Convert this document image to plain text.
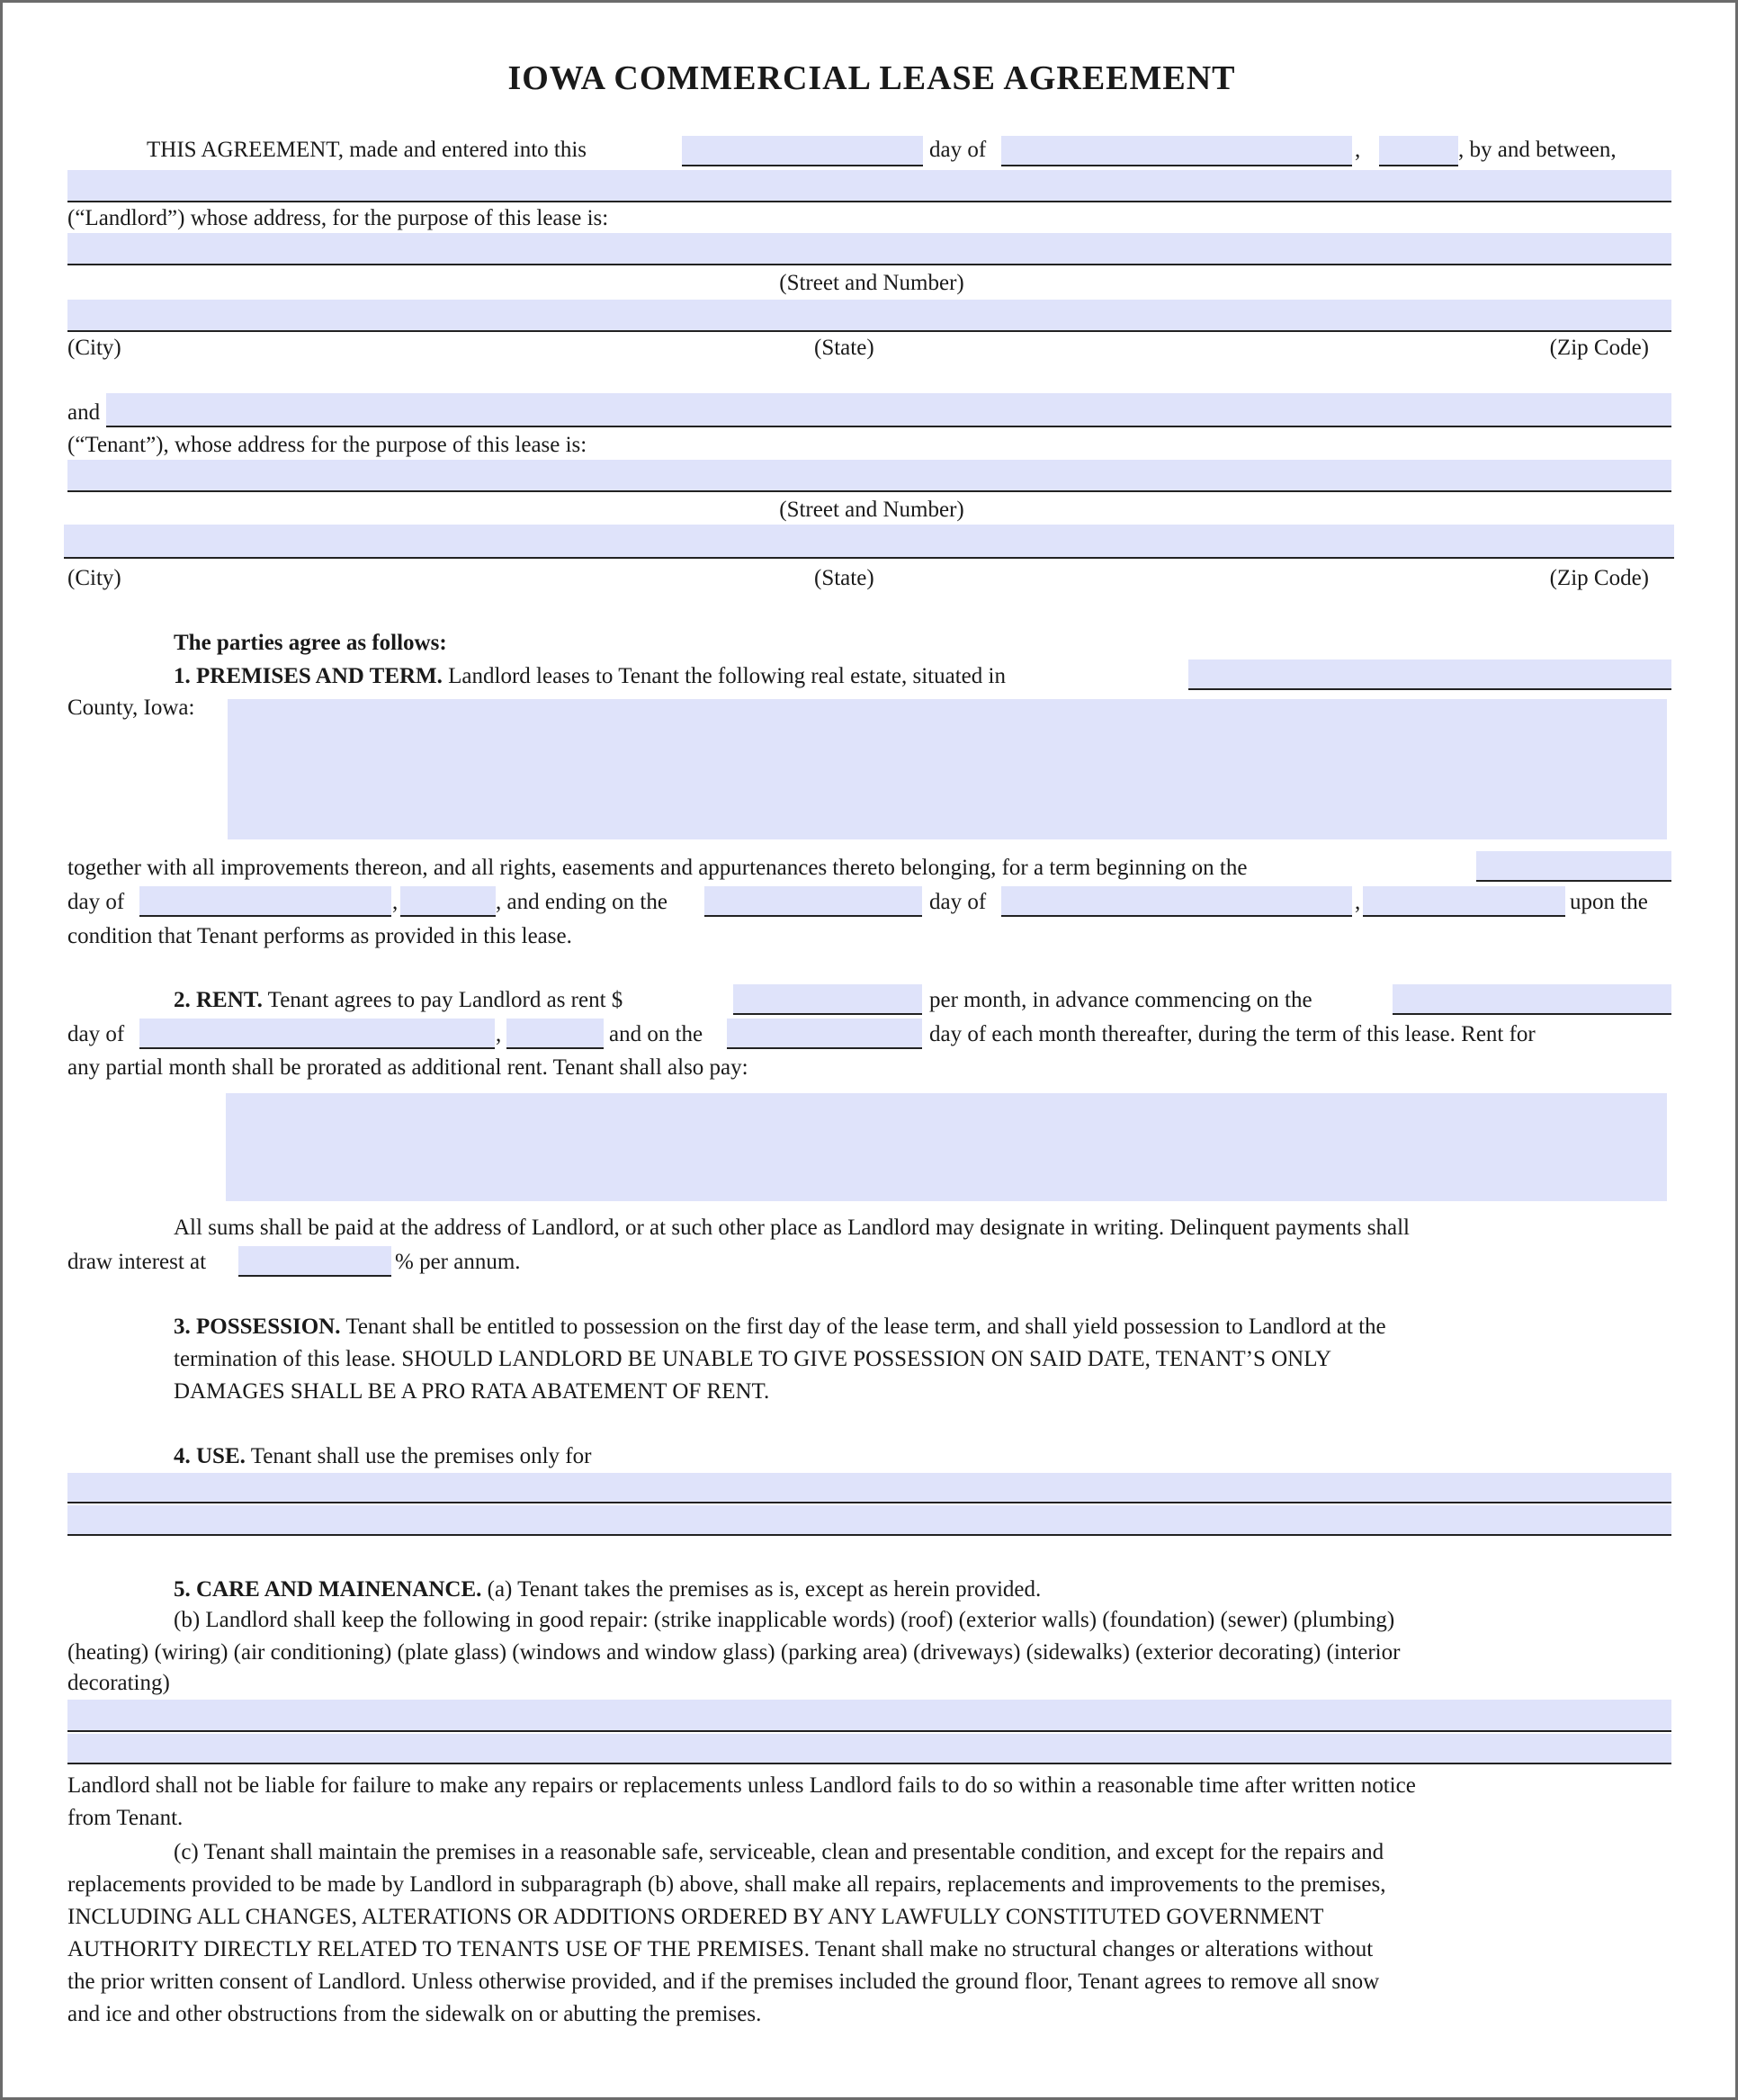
IOWA COMMERCIAL LEASE AGREEMENT
THIS AGREEMENT, made and entered into this	day of	,	, by and between,
(“Landlord”) whose address, for the purpose of this lease is:
(Street and Number)
(City)	(State)	(Zip Code)
and
(“Tenant”), whose address for the purpose of this lease is:
(Street and Number)
(City)	(State)	(Zip Code)
The parties agree as follows:
1. PREMISES AND TERM. Landlord leases to Tenant the following real estate, situated in
County, Iowa:
together with all improvements thereon, and all rights, easements and appurtenances thereto belonging, for a term beginning on the
day of	,	, and ending on the	day of	,	upon the
condition that Tenant performs as provided in this lease.
2. RENT. Tenant agrees to pay Landlord as rent $	per month, in advance commencing on the
day of	,	and on the	day of each month thereafter, during the term of this lease. Rent for
any partial month shall be prorated as additional rent. Tenant shall also pay:
All sums shall be paid at the address of Landlord, or at such other place as Landlord may designate in writing. Delinquent payments shall
draw interest at	% per annum.
3. POSSESSION. Tenant shall be entitled to possession on the first day of the lease term, and shall yield possession to Landlord at the
termination of this lease. SHOULD LANDLORD BE UNABLE TO GIVE POSSESSION ON SAID DATE, TENANT’S ONLY
DAMAGES SHALL BE A PRO RATA ABATEMENT OF RENT.
4. USE. Tenant shall use the premises only for
5. CARE AND MAINENANCE. (a) Tenant takes the premises as is, except as herein provided.
(b) Landlord shall keep the following in good repair: (strike inapplicable words) (roof) (exterior walls) (foundation) (sewer) (plumbing)
(heating) (wiring) (air conditioning) (plate glass) (windows and window glass) (parking area) (driveways) (sidewalks) (exterior decorating) (interior
decorating)
Landlord shall not be liable for failure to make any repairs or replacements unless Landlord fails to do so within a reasonable time after written notice
from Tenant.
(c) Tenant shall maintain the premises in a reasonable safe, serviceable, clean and presentable condition, and except for the repairs and
replacements provided to be made by Landlord in subparagraph (b) above, shall make all repairs, replacements and improvements to the premises,
INCLUDING ALL CHANGES, ALTERATIONS OR ADDITIONS ORDERED BY ANY LAWFULLY CONSTITUTED GOVERNMENT
AUTHORITY DIRECTLY RELATED TO TENANTS USE OF THE PREMISES. Tenant shall make no structural changes or alterations without
the prior written consent of Landlord. Unless otherwise provided, and if the premises included the ground floor, Tenant agrees to remove all snow
and ice and other obstructions from the sidewalk on or abutting the premises.
